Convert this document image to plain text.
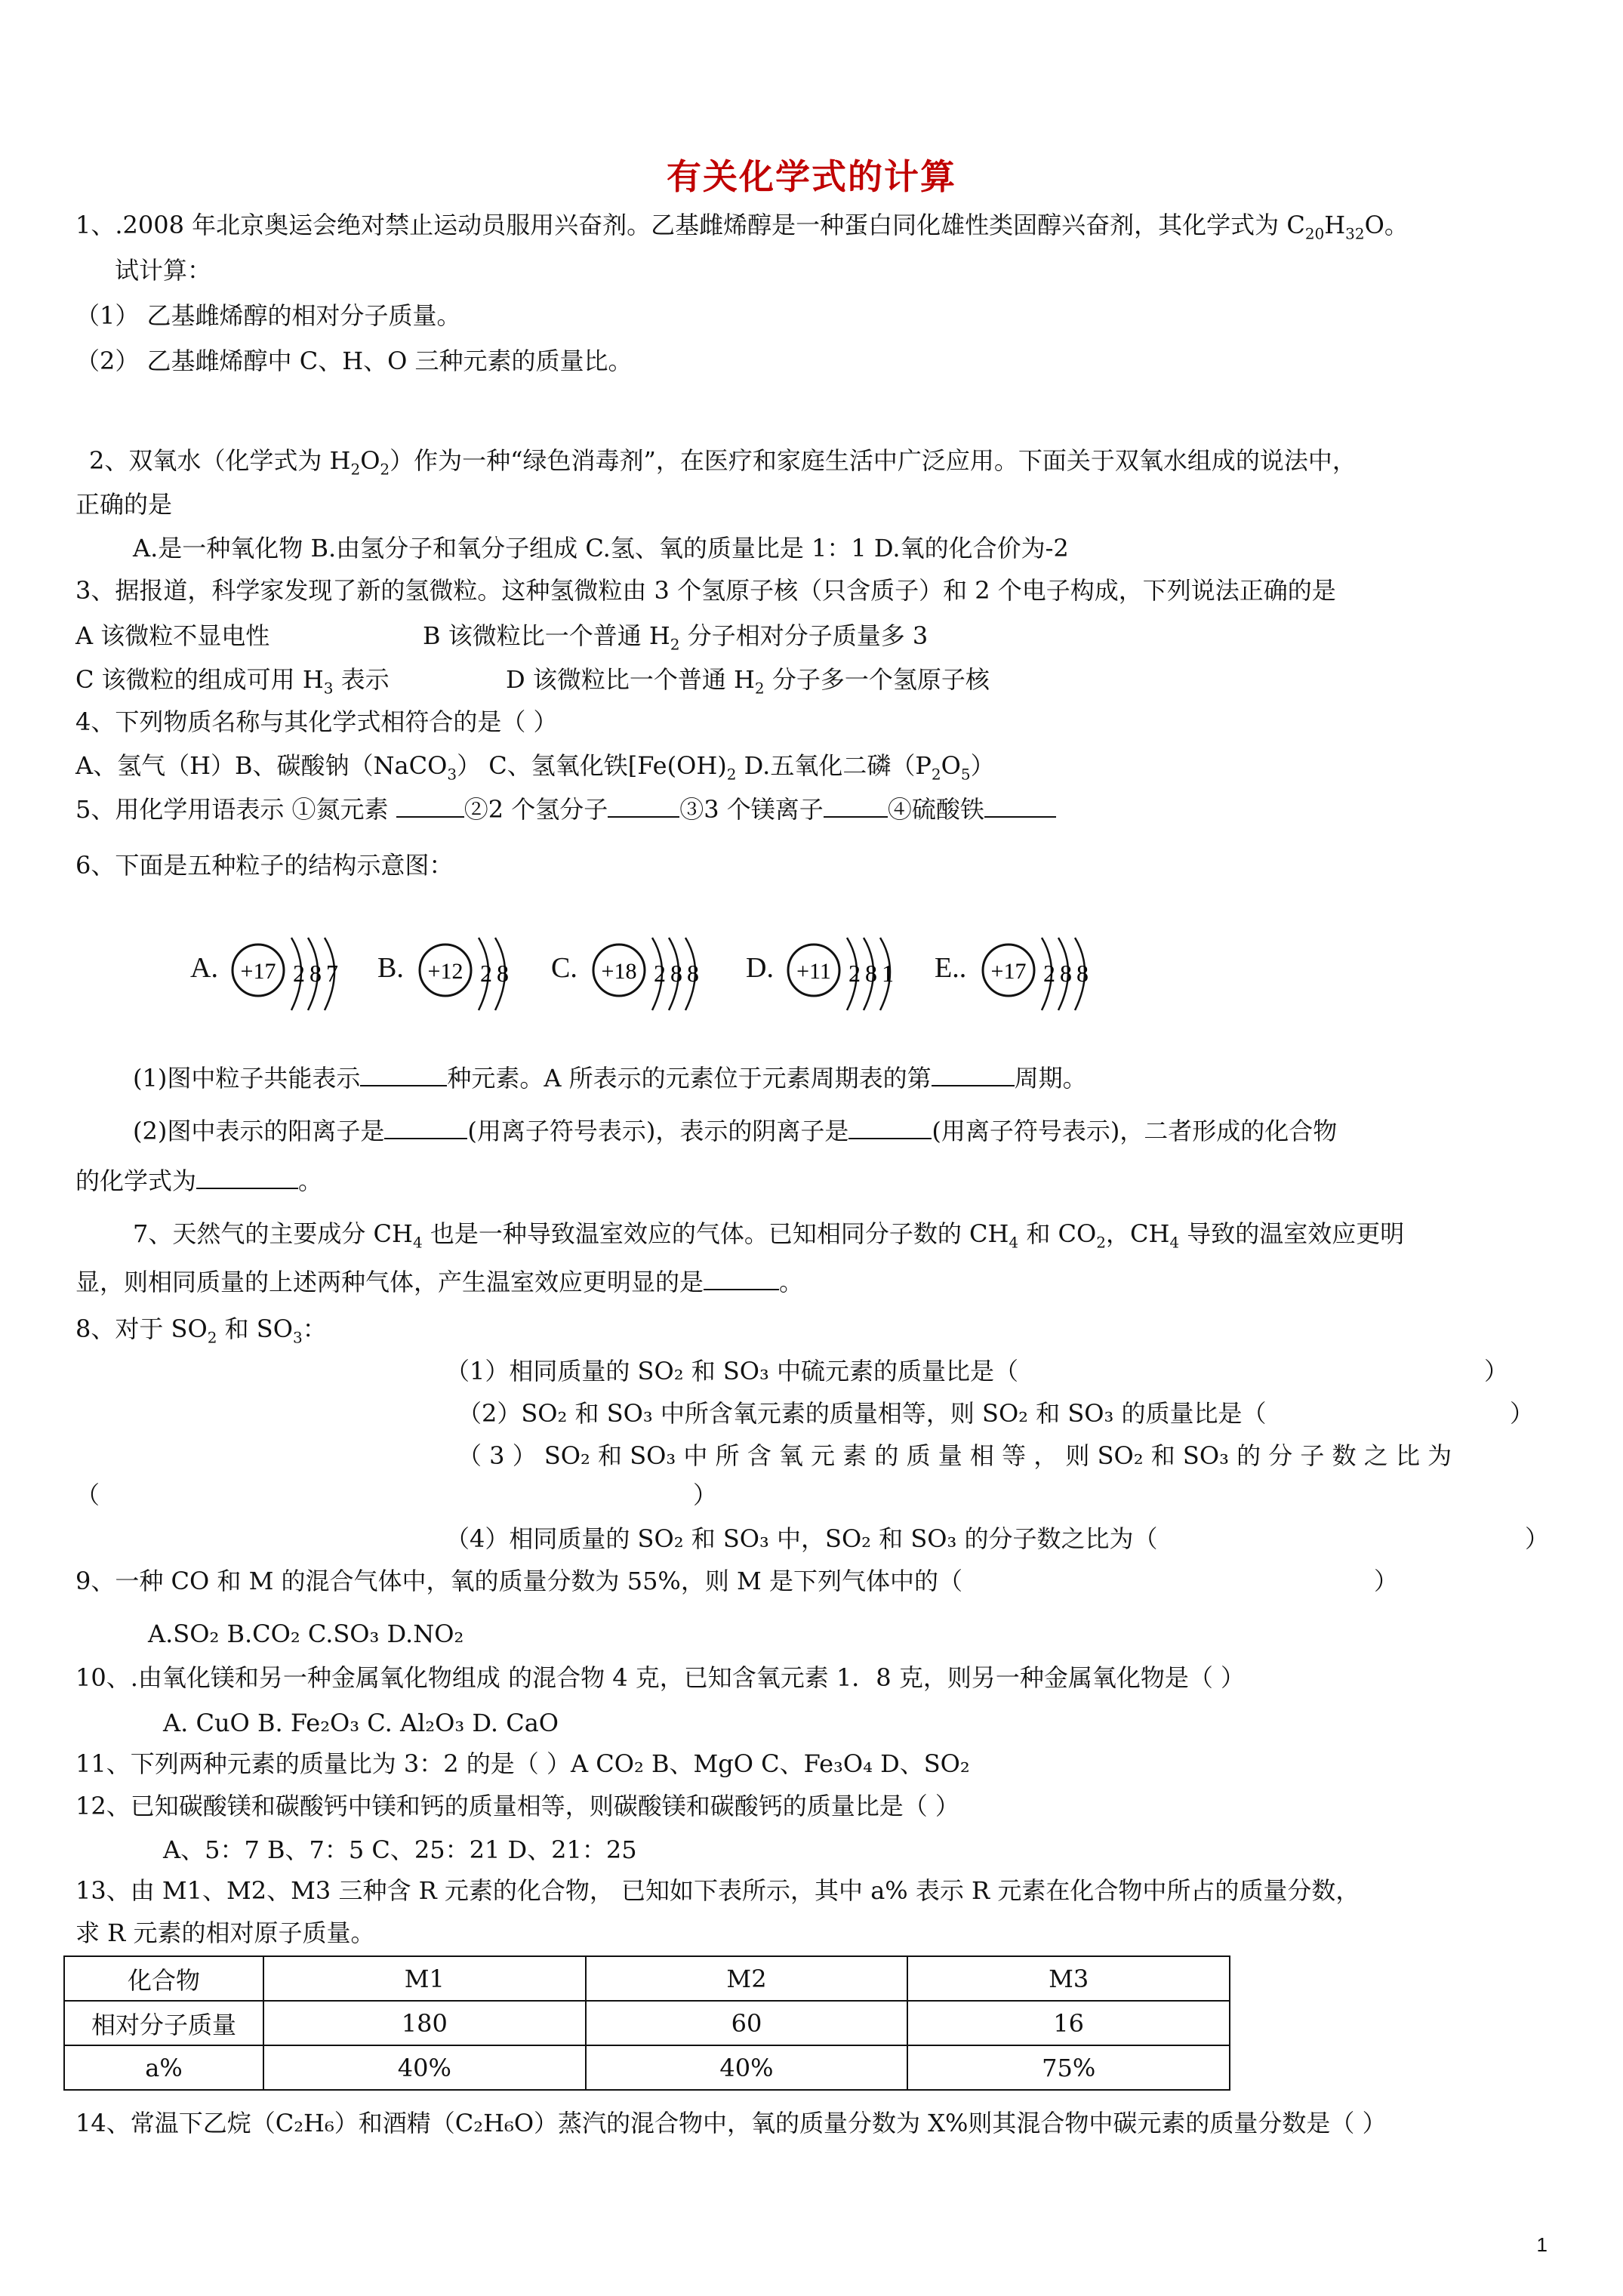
有关化学式的计算
1、.2008 年北京奥运会绝对禁止运动员服用兴奋剂。乙基雌烯醇是一种蛋白同化雄性类固醇兴奋剂，其化学式为 $C_{20}H_{32}O$。
试计算：
（1） 乙基雌烯醇的相对分子质量。
（2） 乙基雌烯醇中 C、H、O 三种元素的质量比。
2、双氧水（化学式为 $H_2O_2$）作为一种“绿色消毒剂”，在医疗和家庭生活中广泛应用。下面关于双氧水组成的说法中，
正确的是
A.是一种氧化物 B.由氢分子和氧分子组成 C.氢、氧的质量比是 1：1 D.氧的化合价为-2
3、据报道，科学家发现了新的氢微粒。这种氢微粒由 3 个氢原子核（只含质子）和 2 个电子构成，下列说法正确的是
A 该微粒不显电性	B 该微粒比一个普通 $H_2$ 分子相对分子质量多 3
C 该微粒的组成可用 $H_3$ 表示	D 该微粒比一个普通 $H_2$ 分子多一个氢原子核
4、下列物质名称与其化学式相符合的是（ ）
A、氢气（H）B、碳酸钠（NaCO$_3$） C、氢氧化铁[$Fe(OH)_2$ D.五氧化二磷$(P_2O_5)$
5、用化学用语表示 ①氮元素	②2 个氢分子	③3 个镁离子	④硫酸铁
6、下面是五种粒子的结构示意图：
A. +17 2 8 7 B. +12 2 8 C. +18 2 8 8 D. +11 2 8 1 E.. +17 2 8 8
(1)图中粒子共能表示	种元素。A 所表示的元素位于元素周期表的第	周期。
(2)图中表示的阳离子是	(用离子符号表示)，表示的阴离子是	(用离子符号表示)，二者形成的化合物
的化学式为	。
7、天然气的主要成分 $CH_4$ 也是一种导致温室效应的气体。已知相同分子数的 $CH_4$ 和 $CO_2$，$CH_4$ 导致的温室效应更明
显，则相同质量的上述两种气体，产生温室效应更明显的是	。
8、对于 $SO_2$ 和 $SO_3$：
（1）相同质量的 SO₂ 和 SO₃ 中硫元素的质量比是（	）
（2）SO₂ 和 SO₃ 中所含氧元素的质量相等，则 SO₂ 和 SO₃ 的质量比是（	）
（ 3 ） SO₂ 和 SO₃ 中 所 含 氧 元 素 的 质 量 相 等 ， 则 SO₂ 和 SO₃ 的 分 子 数 之 比 为
（	）
（4）相同质量的 SO₂ 和 SO₃ 中，SO₂ 和 SO₃ 的分子数之比为（	）
9、一种 CO 和 M 的混合气体中，氧的质量分数为 55%，则 M 是下列气体中的（	）
A.SO₂ B.CO₂ C.SO₃ D.NO₂
10、.由氧化镁和另一种金属氧化物组成 的混合物 4 克，已知含氧元素 1．8 克，则另一种金属氧化物是（ ）
A. CuO B. Fe₂O₃ C. Al₂O₃ D. CaO
11、下列两种元素的质量比为 3：2 的是（ ）A CO₂ B、MgO C、Fe₃O₄ D、SO₂
12、已知碳酸镁和碳酸钙中镁和钙的质量相等，则碳酸镁和碳酸钙的质量比是（ ）
A、5：7 B、7：5 C、25：21 D、21：25
13、由 M1、M2、M3 三种含 R 元素的化合物， 已知如下表所示，其中 a% 表示 R 元素在化合物中所占的质量分数，
求 R 元素的相对原子质量。
化合物	M1	M2	M3
相对分子质量	180	60	16
a%	40%	40%	75%
14、常温下乙烷（C₂H₆）和酒精（C₂H₆O）蒸汽的混合物中，氧的质量分数为 X%则其混合物中碳元素的质量分数是（ ）
1
